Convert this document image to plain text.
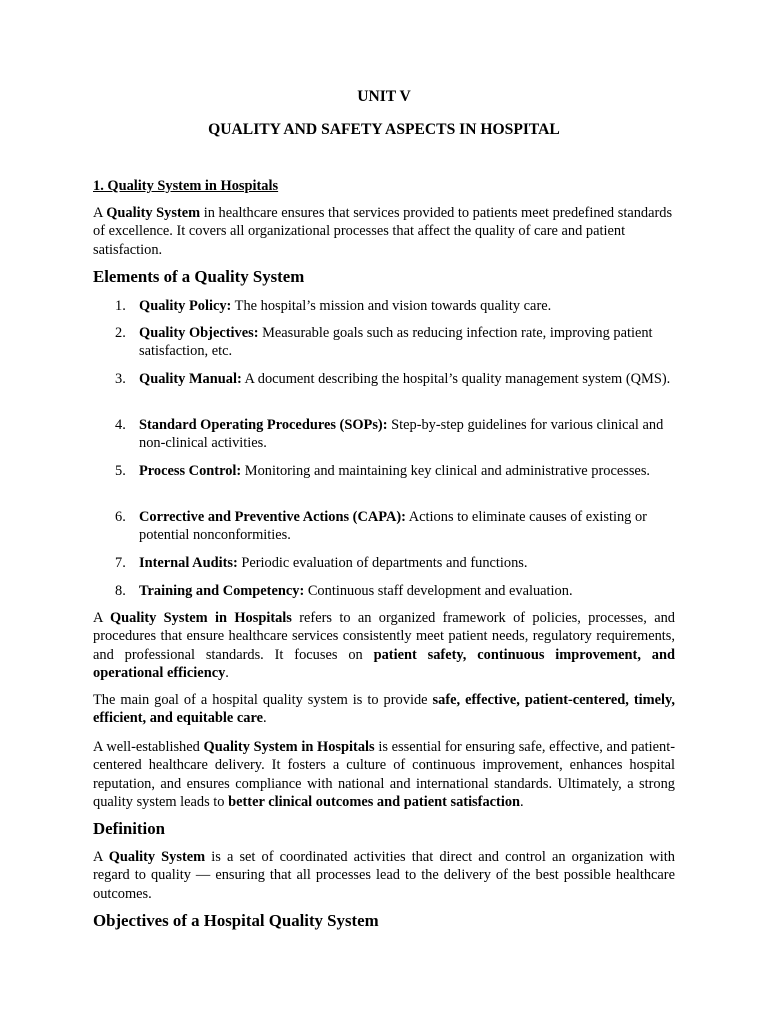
UNIT V
QUALITY AND SAFETY ASPECTS IN HOSPITAL
1. Quality System in Hospitals

A Quality System in healthcare ensures that services provided to patients meet predefined standards of excellence. It covers all organizational processes that affect the quality of care and patient satisfaction.

Elements of a Quality System
1. Quality Policy: The hospital’s mission and vision towards quality care.
2. Quality Objectives: Measurable goals such as reducing infection rate, improving patient satisfaction, etc.
3. Quality Manual: A document describing the hospital’s quality management system (QMS).
4. Standard Operating Procedures (SOPs): Step-by-step guidelines for various clinical and non-clinical activities.
5. Process Control: Monitoring and maintaining key clinical and administrative processes.
6. Corrective and Preventive Actions (CAPA): Actions to eliminate causes of existing or potential nonconformities.
7. Internal Audits: Periodic evaluation of departments and functions.
8. Training and Competency: Continuous staff development and evaluation.

A Quality System in Hospitals refers to an organized framework of policies, processes, and procedures that ensure healthcare services consistently meet patient needs, regulatory requirements, and professional standards. It focuses on patient safety, continuous improvement, and operational efficiency.

The main goal of a hospital quality system is to provide safe, effective, patient-centered, timely, efficient, and equitable care.

A well-established Quality System in Hospitals is essential for ensuring safe, effective, and patient-centered healthcare delivery. It fosters a culture of continuous improvement, enhances hospital reputation, and ensures compliance with national and international standards. Ultimately, a strong quality system leads to better clinical outcomes and patient satisfaction.

Definition

A Quality System is a set of coordinated activities that direct and control an organization with regard to quality — ensuring that all processes lead to the delivery of the best possible healthcare outcomes.

Objectives of a Hospital Quality System
